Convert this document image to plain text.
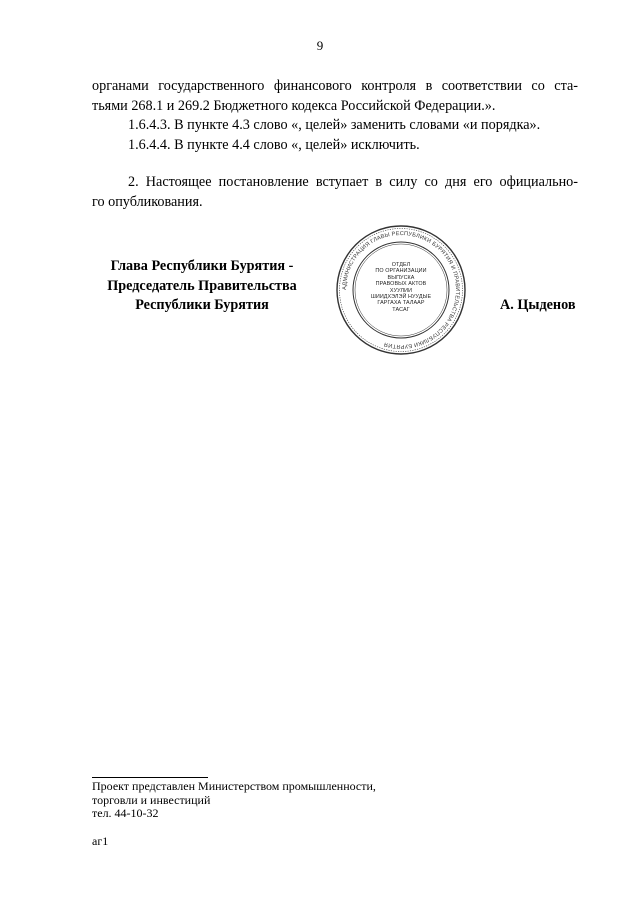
9

органами государственного финансового контроля в соответствии со ста-

тьями 268.1 и 269.2 Бюджетного кодекса Российской Федерации.».

1.6.4.3. В пункте 4.3 слово «, целей» заменить словами «и порядка».

1.6.4.4. В пункте 4.4 слово «, целей» исключить.

2. Настоящее постановление вступает в силу со дня его официально-

го опубликования.

Глава Республики Бурятия -
Председатель Правительства
Республики Бурятия
АДМИНИСТРАЦИЯ ГЛАВЫ РЕСПУБЛИКИ БУРЯТИЯ И ПРАВИТЕЛЬСТВА РЕСПУБЛИКИ БУРЯТИЯ
ОТДЕЛ
ПО ОРГАНИЗАЦИИ
ВЫПУСКА
ПРАВОВЫХ АКТОВ
ХУУЛИИ
ШИИДХЭЛЭЙ НУУДЫЕ
ГАРГАХА ТАЛААР
ТАСАГ	А. Цыденов
Проект представлен Министерством промышленности,
торговли и инвестиций
тел. 44-10-32
аг1
